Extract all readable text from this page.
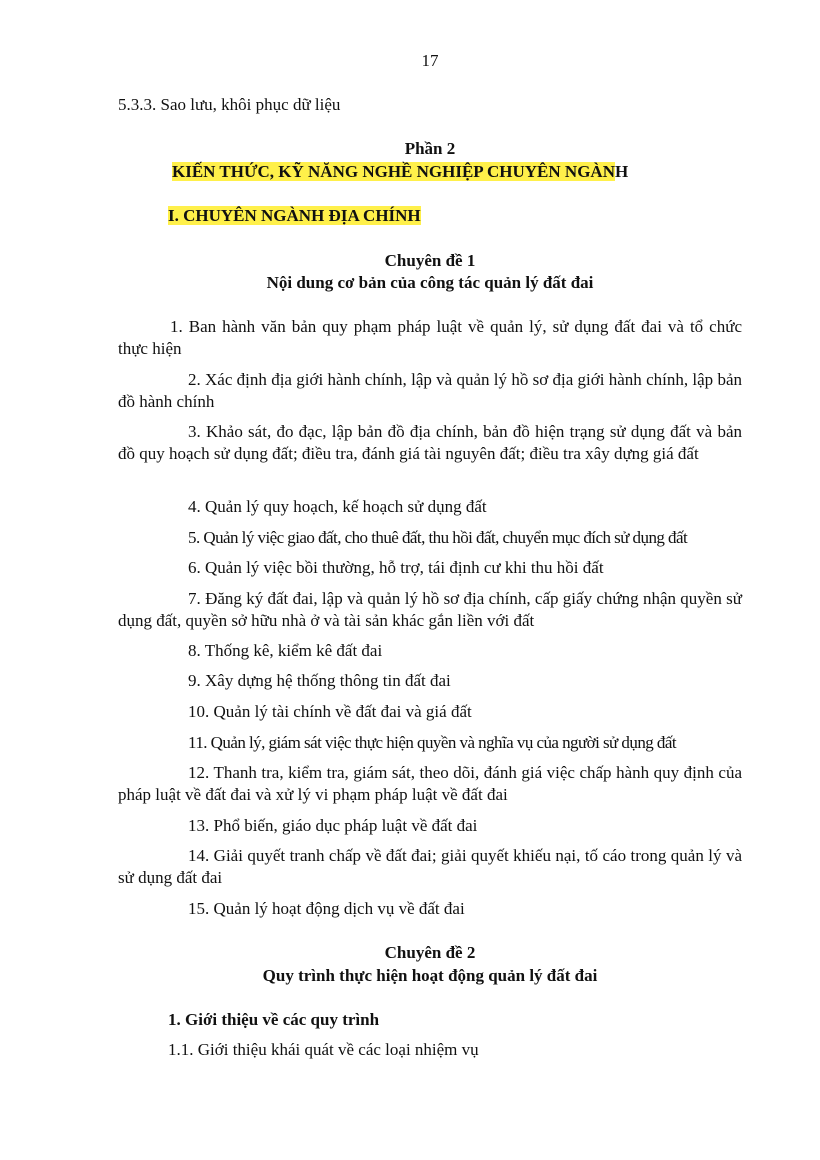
17
5.3.3. Sao lưu, khôi phục dữ liệu
Phần 2
KIẾN THỨC, KỸ NĂNG NGHỀ NGHIỆP CHUYÊN NGÀNH
I. CHUYÊN NGÀNH ĐỊA CHÍNH
Chuyên đề 1
Nội dung cơ bản của công tác quản lý đất đai
1. Ban hành văn bản quy phạm pháp luật về quản lý, sử dụng đất đai và tổ chức thực hiện
2. Xác định địa giới hành chính, lập và quản lý hồ sơ địa giới hành chính, lập bản đồ hành chính
3. Khảo sát, đo đạc, lập bản đồ địa chính, bản đồ hiện trạng sử dụng đất và bản đồ quy hoạch sử dụng đất; điều tra, đánh giá tài nguyên đất; điều tra xây dựng giá đất
4. Quản lý quy hoạch, kế hoạch sử dụng đất
5. Quản lý việc giao đất, cho thuê đất, thu hồi đất, chuyển mục đích sử dụng đất
6. Quản lý việc bồi thường, hỗ trợ, tái định cư khi thu hồi đất
7. Đăng ký đất đai, lập và quản lý hồ sơ địa chính, cấp giấy chứng nhận quyền sử dụng đất, quyền sở hữu nhà ở và tài sản khác gắn liền với đất
8. Thống kê, kiểm kê đất đai
9. Xây dựng hệ thống thông tin đất đai
10. Quản lý tài chính về đất đai và giá đất
11. Quản lý, giám sát việc thực hiện quyền và nghĩa vụ của người sử dụng đất
12. Thanh tra, kiểm tra, giám sát, theo dõi, đánh giá việc chấp hành quy định của pháp luật về đất đai và xử lý vi phạm pháp luật về đất đai
13. Phổ biến, giáo dục pháp luật về đất đai
14. Giải quyết tranh chấp về đất đai; giải quyết khiếu nại, tố cáo trong quản lý và sử dụng đất đai
15. Quản lý hoạt động dịch vụ về đất đai
Chuyên đề 2
Quy trình thực hiện hoạt động quản lý đất đai
1. Giới thiệu về các quy trình
1.1. Giới thiệu khái quát về các loại nhiệm vụ
